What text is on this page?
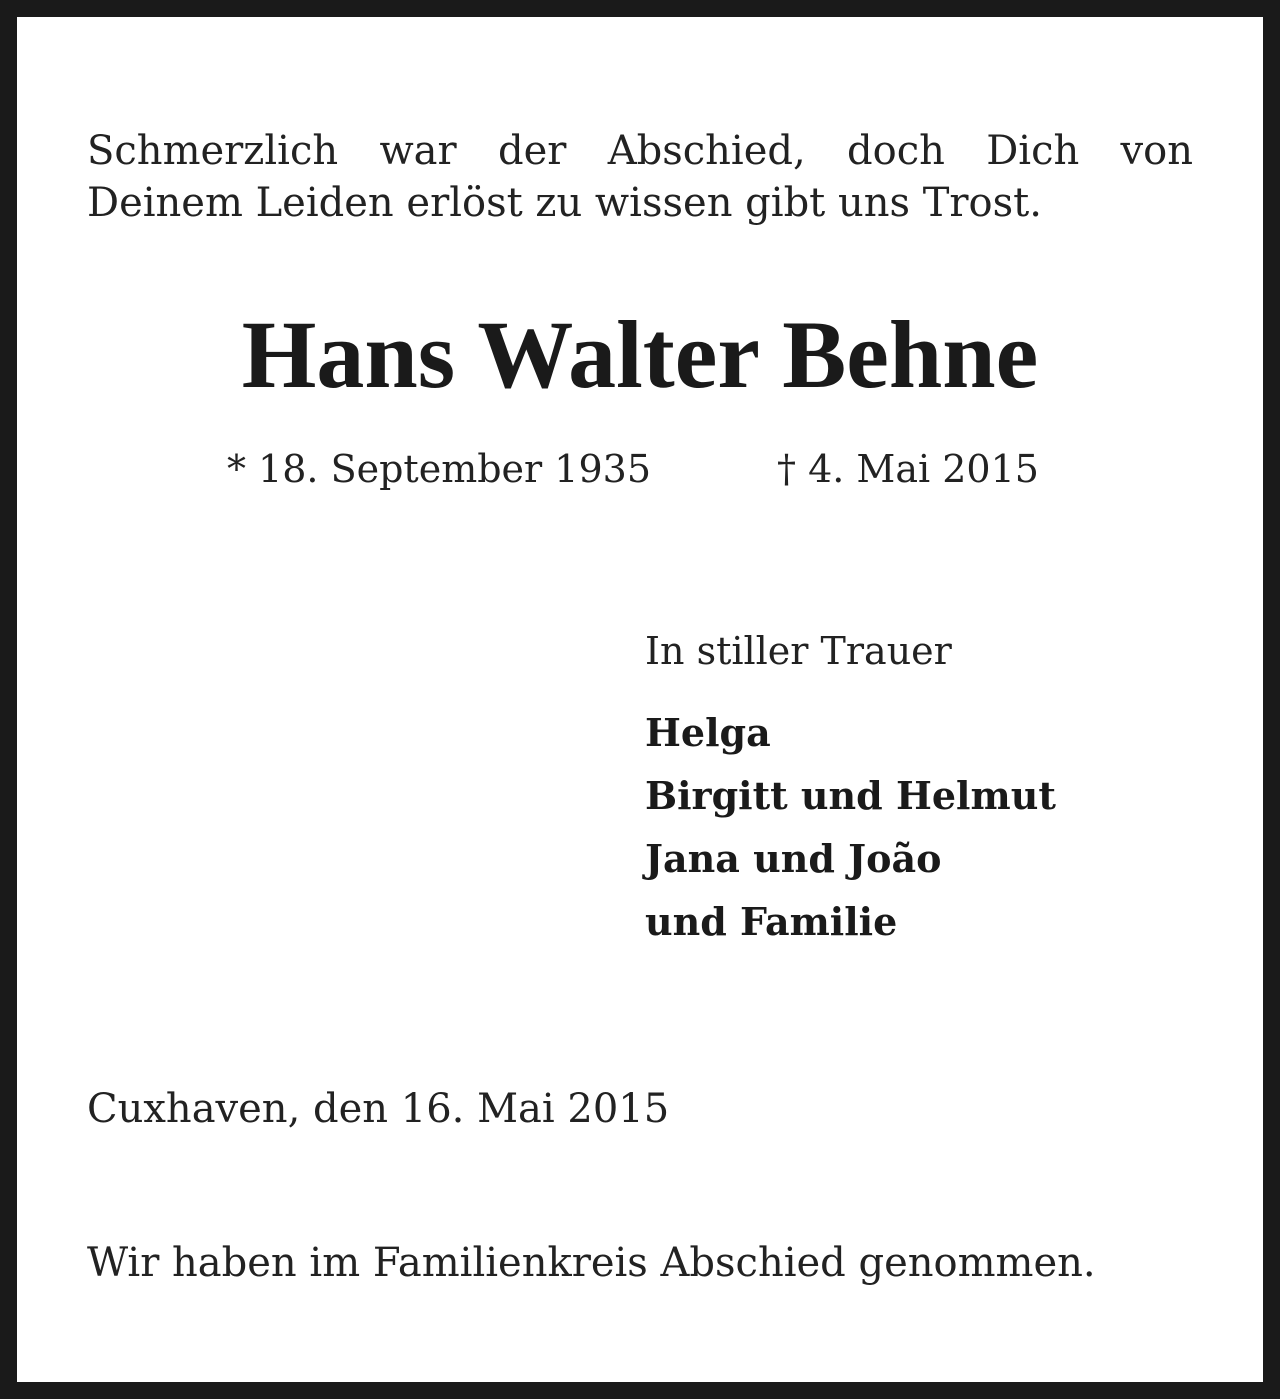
Schmerzlich war der Abschied, doch Dich von
Deinem Leiden erlöst zu wissen gibt uns Trost.
Hans Walter Behne
* 18. September 1935	† 4. Mai 2015
In stiller Trauer
Helga
Birgitt und Helmut
Jana und João
und Familie
Cuxhaven, den 16. Mai 2015
Wir haben im Familienkreis Abschied genommen.
